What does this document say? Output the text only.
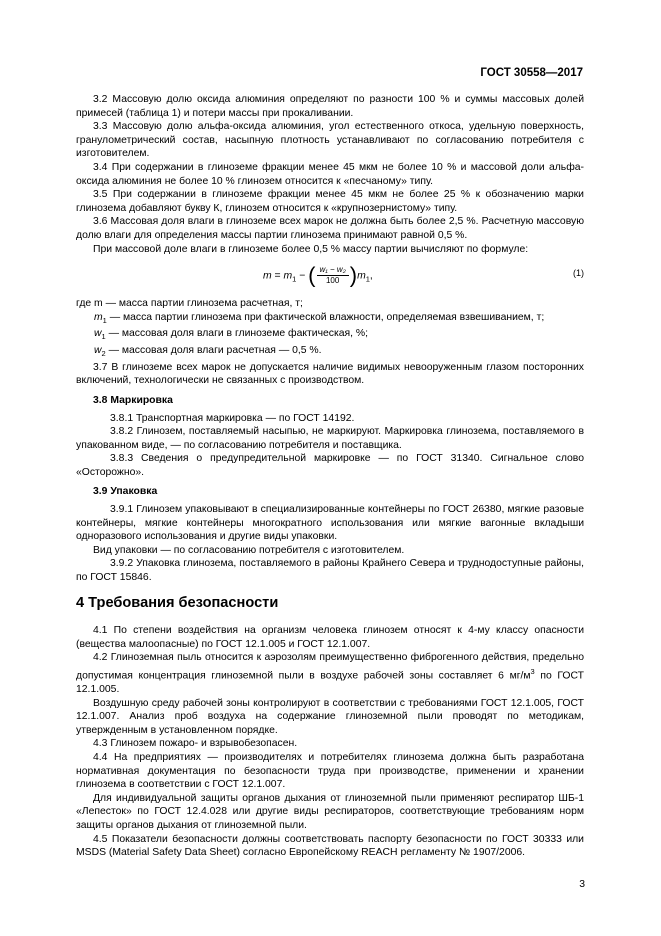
ГОСТ 30558—2017

3.2 Массовую долю оксида алюминия определяют по разности 100 % и суммы массовых долей примесей (таблица 1) и потери массы при прокаливании.

3.3 Массовую долю альфа-оксида алюминия, угол естественного откоса, удельную поверхность, гранулометрический состав, насыпную плотность устанавливают по согласованию потребителя с изготовителем.

3.4 При содержании в глиноземе фракции менее 45 мкм не более 10 % и массовой доли альфа-оксида алюминия не более 10 % глинозем относится к «песчаному» типу.

3.5 При содержании в глиноземе фракции менее 45 мкм не более 25 % к обозначению марки глинозема добавляют букву К, глинозем относится к «крупнозернистому» типу.

3.6 Массовая доля влаги в глиноземе всех марок не должна быть более 2,5 %. Расчетную массовую долю влаги для определения массы партии глинозема принимают равной 0,5 %.

При массовой доле влаги в глиноземе более 0,5 % массу партии вычисляют по формуле:

$m = m_1$ − ( $\frac{\text{w₁ − w₂}}{100} )m_1$,	(1)

где m — масса партии глинозема расчетная, т;

$m_1$ — масса партии глинозема при фактической влажности, определяемая взвешиванием, т;

$w_1$ — массовая доля влаги в глиноземе фактическая, %;

$w_2$ — массовая доля влаги расчетная — 0,5 %.

3.7 В глиноземе всех марок не допускается наличие видимых невооруженным глазом посторонних включений, технологически не связанных с производством.

3.8 Маркировка

3.8.1 Транспортная маркировка — по ГОСТ 14192.

3.8.2 Глинозем, поставляемый насыпью, не маркируют. Маркировка глинозема, поставляемого в упакованном виде, — по согласованию потребителя и поставщика.

3.8.3 Сведения о предупредительной маркировке — по ГОСТ 31340. Сигнальное слово «Осторожно».

3.9 Упаковка

3.9.1 Глинозем упаковывают в специализированные контейнеры по ГОСТ 26380, мягкие разовые контейнеры, мягкие контейнеры многократного использования или мягкие вагонные вкладыши одноразового использования и другие виды упаковки.

Вид упаковки — по согласованию потребителя с изготовителем.

3.9.2 Упаковка глинозема, поставляемого в районы Крайнего Севера и труднодоступные районы, по ГОСТ 15846.

4 Требования безопасности

4.1 По степени воздействия на организм человека глинозем относят к 4-му классу опасности (вещества малоопасные) по ГОСТ 12.1.005 и ГОСТ 12.1.007.

4.2 Глиноземная пыль относится к аэрозолям преимущественно фиброгенного действия, предельно допустимая концентрация глиноземной пыли в воздухе рабочей зоны составляет 6 $мг/м^3$ по ГОСТ 12.1.005.

Воздушную среду рабочей зоны контролируют в соответствии с требованиями ГОСТ 12.1.005, ГОСТ 12.1.007. Анализ проб воздуха на содержание глиноземной пыли проводят по методикам, утвержденным в установленном порядке.

4.3 Глинозем пожаро- и взрывобезопасен.

4.4 На предприятиях — производителях и потребителях глинозема должна быть разработана нормативная документация по безопасности труда при производстве, применении и хранении глинозема в соответствии с ГОСТ 12.1.007.

Для индивидуальной защиты органов дыхания от глиноземной пыли применяют респиратор ШБ-1 «Лепесток» по ГОСТ 12.4.028 или другие виды респираторов, соответствующие требованиям норм защиты органов дыхания от глиноземной пыли.

4.5 Показатели безопасности должны соответствовать паспорту безопасности по ГОСТ 30333 или MSDS (Material Safety Data Sheet) согласно Европейскому REACH регламенту № 1907/2006.

3
